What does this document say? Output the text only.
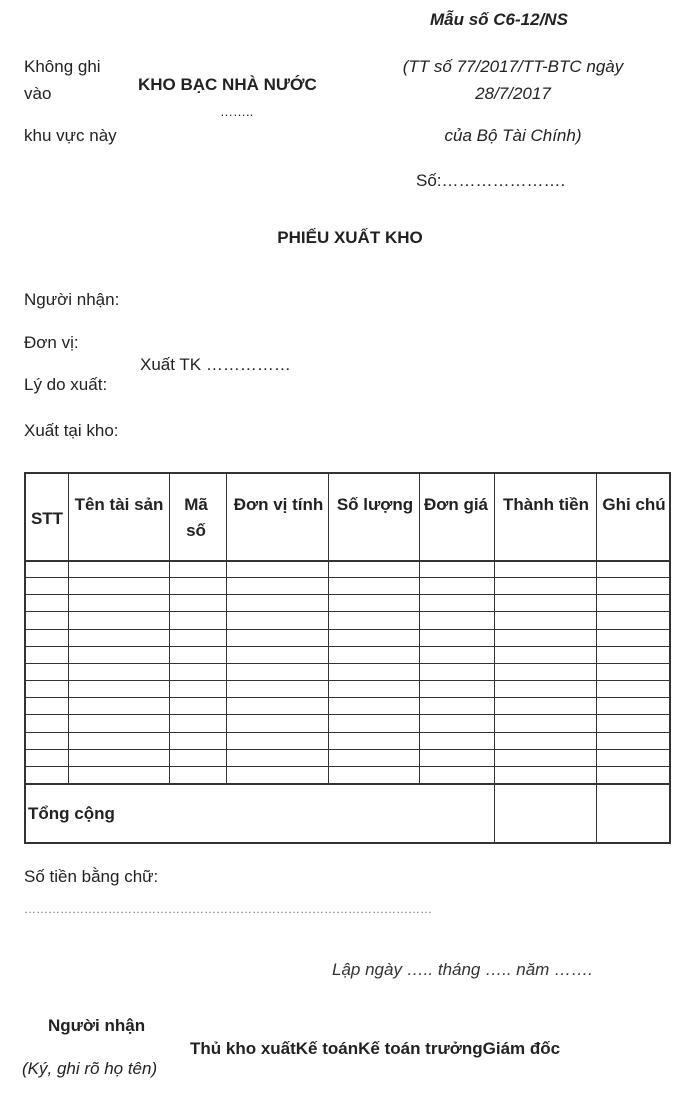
Mẫu số C6-12/NS
Không ghi
vào
khu vực này
KHO BẠC NHÀ NƯỚC
……..
(TT số 77/2017/TT-BTC ngày
28/7/2017
của Bộ Tài Chính)
Số:………………….
PHIẾU XUẤT KHO
Người nhận:
Đơn vị:
Xuất TK ……………
Lý do xuất:
Xuất tại kho:
STT
Tên tài sản	Mã số
Đơn vị tính Số lượng Đơn giá Thành tiền Ghi chú
Tổng cộng
Số tiền bằng chữ:
…………………………………………………………………………………………
Lập ngày ….. tháng ….. năm …….
Người nhận
Thủ kho xuấtKế toánKế toán trưởngGiám đốc
(Ký, ghi rõ họ tên)
